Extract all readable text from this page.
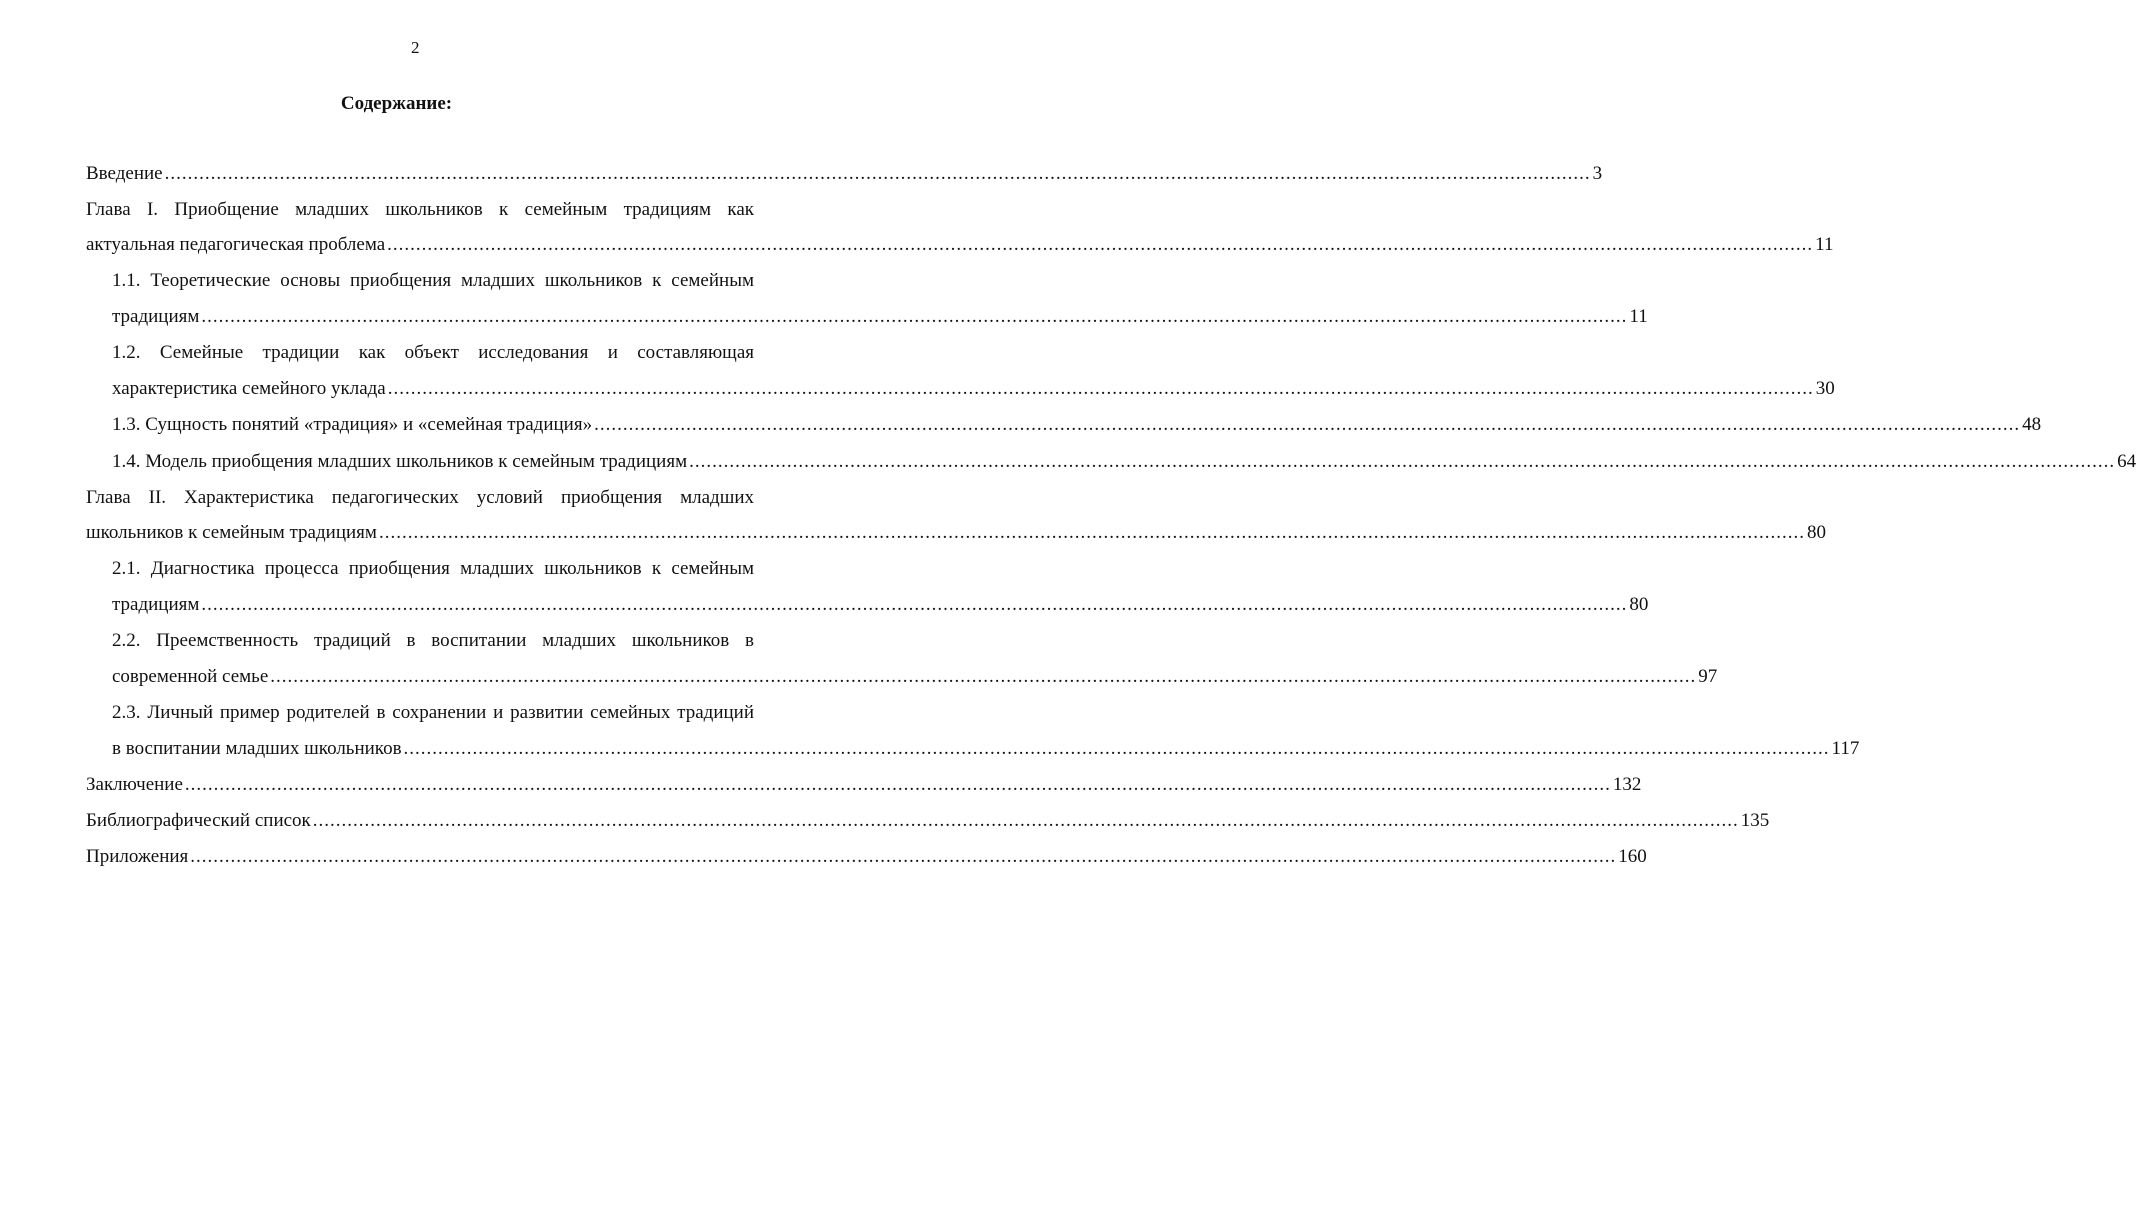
2
Содержание:
Введение ........................................................................................................................................................................................................................................................ 3
Глава I. Приобщение младших школьников к семейным традициям как
актуальная педагогическая проблема ........................................................................................................................................................................................................................................................ 11
1.1. Теоретические основы приобщения младших школьников к семейным
традициям ........................................................................................................................................................................................................................................................ 11
1.2. Семейные традиции как объект исследования и составляющая
характеристика семейного уклада ........................................................................................................................................................................................................................................................ 30
1.3. Сущность понятий «традиция» и «семейная традиция» ........................................................................................................................................................................................................................................................ 48
1.4. Модель приобщения младших школьников к семейным традициям ........................................................................................................................................................................................................................................................ 64
Глава II. Характеристика педагогических условий приобщения младших
школьников к семейным традициям ........................................................................................................................................................................................................................................................ 80
2.1. Диагностика процесса приобщения младших школьников к семейным
традициям ........................................................................................................................................................................................................................................................ 80
2.2. Преемственность традиций в воспитании младших школьников в
современной семье ........................................................................................................................................................................................................................................................ 97
2.3. Личный пример родителей в сохранении и развитии семейных традиций
в воспитании младших школьников ........................................................................................................................................................................................................................................................ 117
Заключение ........................................................................................................................................................................................................................................................ 132
Библиографический список ........................................................................................................................................................................................................................................................ 135
Приложения ........................................................................................................................................................................................................................................................ 160
